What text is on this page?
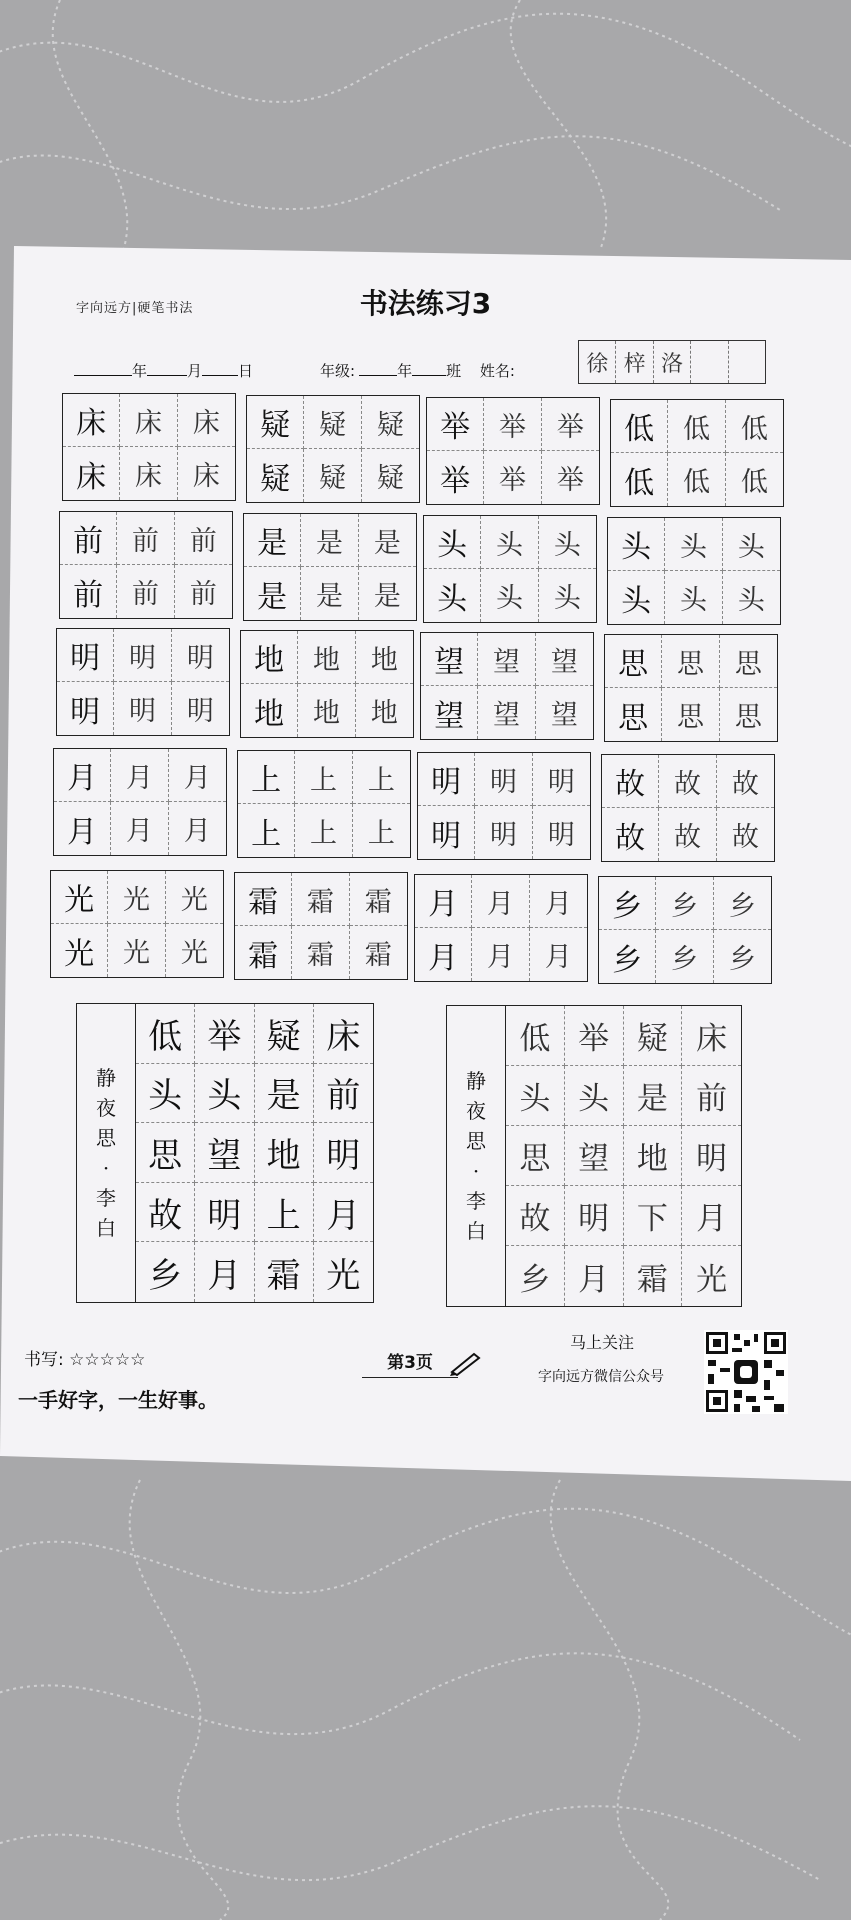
字向远方|硬笔书法	书法练习3
年	月 日	年级:	年 班 姓名:	徐 梓 洛
床	床	床
床	床	床
疑	疑	疑
疑	疑	疑
举	举	举
举	举	举
低	低	低
低	低	低
前	前	前
前	前	前
是	是	是
是	是	是
头	头	头
头	头	头
头	头	头
头	头	头
明	明	明
明	明	明
地	地	地
地	地	地
望	望	望
望	望	望
思	思	思
思	思	思
月	月	月
月	月	月
上	上	上
上	上	上
明	明	明
明	明	明
故	故	故
故	故	故
光	光	光
光	光	光
霜	霜	霜
霜	霜	霜
月	月	月
月	月	月
乡	乡	乡
乡	乡	乡
静
夜
思
·
李
白
低 举 疑 床
头 头 是 前
思 望 地 明
故 明 上 月
乡 月 霜 光
静
夜
思
·
李
白
低 举 疑 床
头 头 是 前
思 望 地 明
故 明 下 月
乡 月 霜 光
书写: ☆☆☆☆☆
一手好字，一生好事。
第3页
马上关注
字向远方微信公众号
